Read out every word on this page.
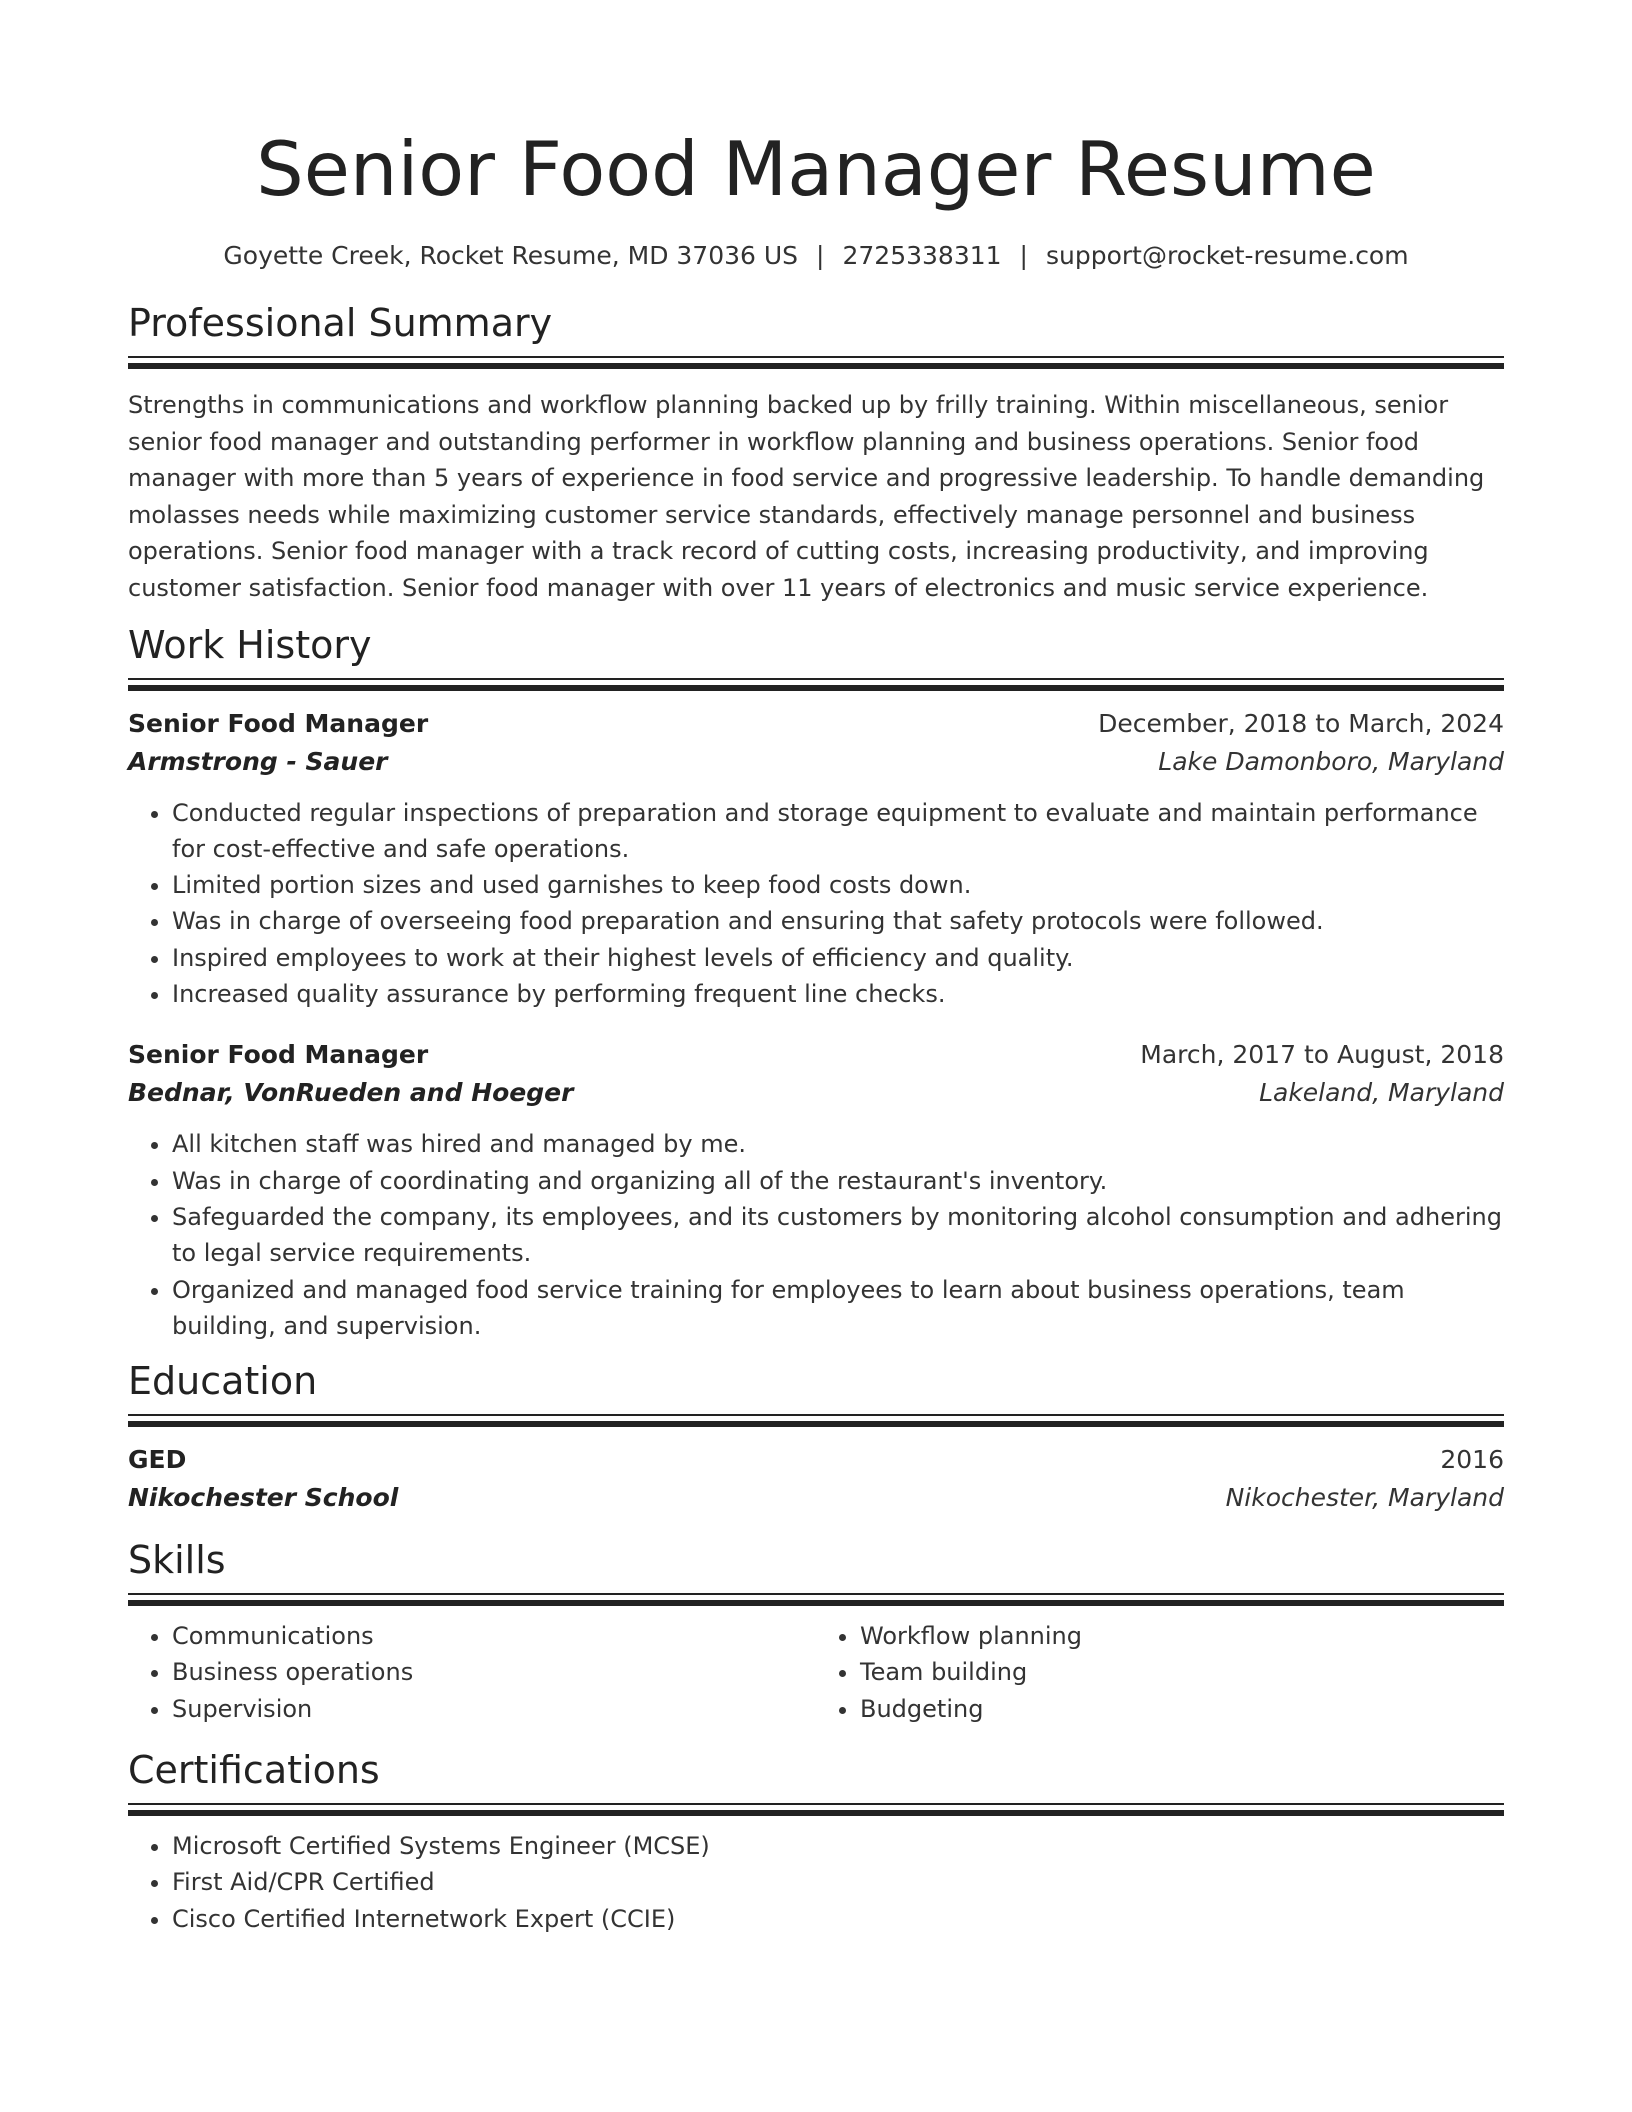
Senior Food Manager Resume
Goyette Creek, Rocket Resume, MD 37036 US | 2725338311 | support@rocket-resume.com
Professional Summary

Strengths in communications and workflow planning backed up by frilly training. Within miscellaneous, senior senior food manager and outstanding performer in workflow planning and business operations. Senior food manager with more than 5 years of experience in food service and progressive leadership. To handle demanding molasses needs while maximizing customer service standards, effectively manage personnel and business operations. Senior food manager with a track record of cutting costs, increasing productivity, and improving customer satisfaction. Senior food manager with over 11 years of electronics and music service experience.

Work History
Senior Food Manager	December, 2018 to March, 2024
Armstrong - Sauer	Lake Damonboro, Maryland
• Conducted regular inspections of preparation and storage equipment to evaluate and maintain performance for cost-effective and safe operations.
• Limited portion sizes and used garnishes to keep food costs down.
• Was in charge of overseeing food preparation and ensuring that safety protocols were followed.
• Inspired employees to work at their highest levels of efficiency and quality.
• Increased quality assurance by performing frequent line checks.
Senior Food Manager	March, 2017 to August, 2018
Bednar, VonRueden and Hoeger	Lakeland, Maryland
• All kitchen staff was hired and managed by me.
• Was in charge of coordinating and organizing all of the restaurant's inventory.
• Safeguarded the company, its employees, and its customers by monitoring alcohol consumption and adhering to legal service requirements.
• Organized and managed food service training for employees to learn about business operations, team building, and supervision.
Education
GED	2016
Nikochester School	Nikochester, Maryland
Skills
• Communications
• Business operations
• Supervision
• Workflow planning
• Team building
• Budgeting
Certifications
• Microsoft Certified Systems Engineer (MCSE)
• First Aid/CPR Certified
• Cisco Certified Internetwork Expert (CCIE)
